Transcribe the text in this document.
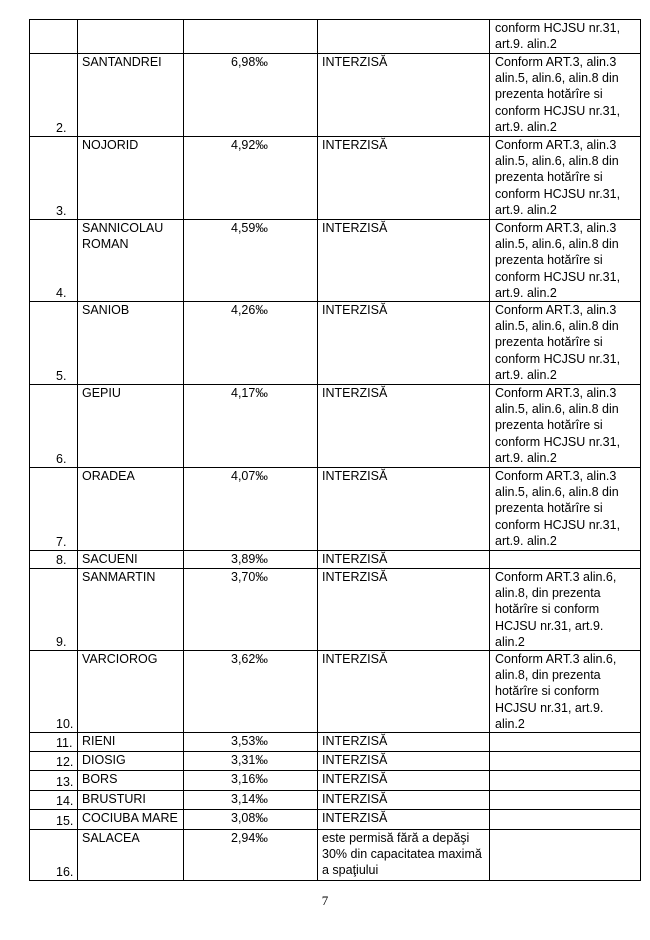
				conform HCJSU nr.31, art.9. alin.2
2.	SANTANDREI	6,98‰	INTERZISĂ	Conform ART.3, alin.3 alin.5, alin.6, alin.8 din prezenta hotărîre si conform HCJSU nr.31, art.9. alin.2
3.	NOJORID	4,92‰	INTERZISĂ	Conform ART.3, alin.3 alin.5, alin.6, alin.8 din prezenta hotărîre si conform HCJSU nr.31, art.9. alin.2
4.	SANNICOLAU ROMAN	4,59‰	INTERZISĂ	Conform ART.3, alin.3 alin.5, alin.6, alin.8 din prezenta hotărîre si conform HCJSU nr.31, art.9. alin.2
5.	SANIOB	4,26‰	INTERZISĂ	Conform ART.3, alin.3 alin.5, alin.6, alin.8 din prezenta hotărîre si conform HCJSU nr.31, art.9. alin.2
6.	GEPIU	4,17‰	INTERZISĂ	Conform ART.3, alin.3 alin.5, alin.6, alin.8 din prezenta hotărîre si conform HCJSU nr.31, art.9. alin.2
7.	ORADEA	4,07‰	INTERZISĂ	Conform ART.3, alin.3 alin.5, alin.6, alin.8 din prezenta hotărîre si conform HCJSU nr.31, art.9. alin.2
8.	SACUENI	3,89‰	INTERZISĂ	
9.	SANMARTIN	3,70‰	INTERZISĂ	Conform ART.3 alin.6, alin.8, din prezenta hotărîre si conform HCJSU nr.31, art.9. alin.2
10.	VARCIOROG	3,62‰	INTERZISĂ	Conform ART.3 alin.6, alin.8, din prezenta hotărîre si conform HCJSU nr.31, art.9. alin.2
11.	RIENI	3,53‰	INTERZISĂ	
12.	DIOSIG	3,31‰	INTERZISĂ	
13.	BORS	3,16‰	INTERZISĂ	
14.	BRUSTURI	3,14‰	INTERZISĂ	
15.	COCIUBA MARE	3,08‰	INTERZISĂ	
16.	SALACEA	2,94‰	este permisă fără a depăşi 30% din capacitatea maximă a spaţiului	
7
